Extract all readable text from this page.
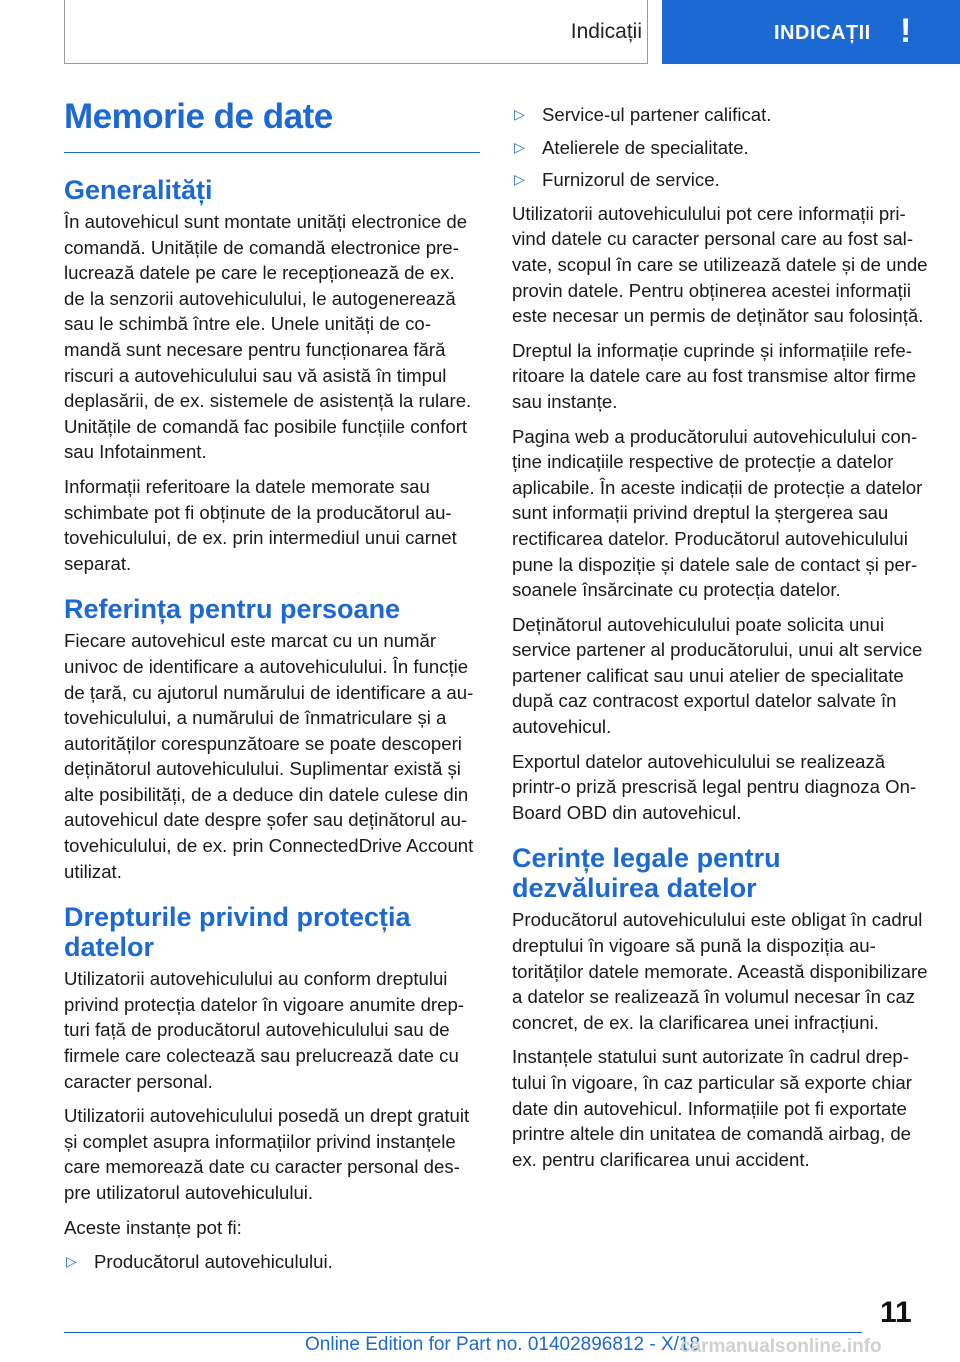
Indicații	INDICAȚII !
Memorie de date
Generalități

În autovehicul sunt montate unități electronice de comandă. Unitățile de comandă electronice prelucrează datele pe care le recepționează de ex. de la senzorii autovehiculului, le autogenerează sau le schimbă între ele. Unele unități de comandă sunt necesare pentru funcționarea fără riscuri a autovehiculului sau vă asistă în timpul deplasării, de ex. sistemele de asistență la rulare. Unitățile de comandă fac posibile funcțiile confort sau Infotainment.

Informații referitoare la datele memorate sau schimbate pot fi obținute de la producătorul autovehiculului, de ex. prin intermediul unui carnet separat.

Referința pentru persoane

Fiecare autovehicul este marcat cu un număr univoc de identificare a autovehiculului. În funcție de țară, cu ajutorul numărului de identificare a autovehiculului, a numărului de înmatriculare și a autorităților corespunzătoare se poate descoperi deținătorul autovehiculului. Suplimentar există și alte posibilități, de a deduce din datele culese din autovehicul date despre șofer sau deținătorul autovehiculului, de ex. prin ConnectedDrive Account utilizat.

Drepturile privind protecția datelor

Utilizatorii autovehiculului au conform dreptului privind protecția datelor în vigoare anumite drepturi față de producătorul autovehiculului sau de firmele care colectează sau prelucrează date cu caracter personal.

Utilizatorii autovehiculului posedă un drept gratuit și complet asupra informațiilor privind instanțele care memorează date cu caracter personal despre utilizatorul autovehiculului.

Aceste instanțe pot fi:

▷ Producătorul autovehiculului.
▷ Service-ul partener calificat.
▷ Atelierele de specialitate.
▷ Furnizorul de service.

Utilizatorii autovehiculului pot cere informații privind datele cu caracter personal care au fost salvate, scopul în care se utilizează datele și de unde provin datele. Pentru obținerea acestei informații este necesar un permis de deținător sau folosință.

Dreptul la informație cuprinde și informațiile referitoare la datele care au fost transmise altor firme sau instanțe.

Pagina web a producătorului autovehiculului conține indicațiile respective de protecție a datelor aplicabile. În aceste indicații de protecție a datelor sunt informații privind dreptul la ștergerea sau rectificarea datelor. Producătorul autovehiculului pune la dispoziție și datele sale de contact și persoanele însărcinate cu protecția datelor.

Deținătorul autovehiculului poate solicita unui service partener al producătorului, unui alt service partener calificat sau unui atelier de specialitate după caz contracost exportul datelor salvate în autovehicul.

Exportul datelor autovehiculului se realizează printr-o priză prescrisă legal pentru diagnoza On-Board OBD din autovehicul.

Cerințe legale pentru dezvăluirea datelor

Producătorul autovehiculului este obligat în cadrul dreptului în vigoare să pună la dispoziția autorităților datele memorate. Această disponibilizare a datelor se realizează în volumul necesar în caz concret, de ex. la clarificarea unei infracțiuni.

Instanțele statului sunt autorizate în cadrul dreptului în vigoare, în caz particular să exporte chiar date din autovehicul. Informațiile pot fi exportate printre altele din unitatea de comandă airbag, de ex. pentru clarificarea unui accident.

11
Online Edition for Part no. 01402896812 - X/18
carmanualsonline.info
